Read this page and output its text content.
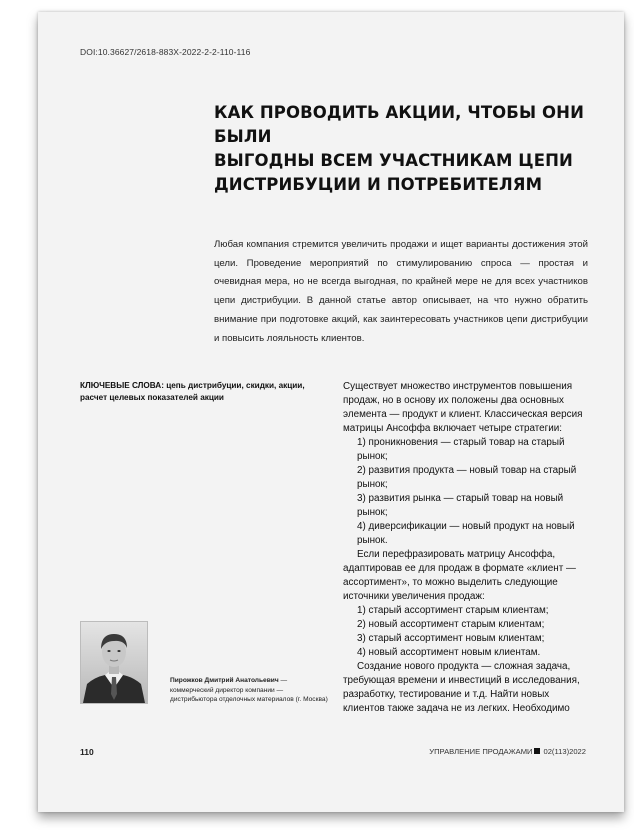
DOI:10.36627/2618-883X-2022-2-2-110-116
КАК ПРОВОДИТЬ АКЦИИ, ЧТОБЫ ОНИ БЫЛИ
ВЫГОДНЫ ВСЕМ УЧАСТНИКАМ ЦЕПИ
ДИСТРИБУЦИИ И ПОТРЕБИТЕЛЯМ
Любая компания стремится увеличить продажи и ищет варианты достижения этой цели. Проведение мероприятий по стимулированию спроса — простая и очевидная мера, но не всегда выгодная, по крайней мере не для всех участников цепи дистрибуции. В данной статье автор описывает, на что нужно обратить внимание при подготовке акций, как заинтересовать участников цепи дистрибуции и повысить лояльность клиентов.
КЛЮЧЕВЫЕ СЛОВА: цепь дистрибуции, скидки, акции, расчет целевых показателей акции

Существует множество инструментов повышения продаж, но в основу их положены два основных элемента — продукт и клиент. Классическая версия матрицы Ансоффа включает четыре стратегии:

1) проникновения — старый товар на старый рынок;

2) развития продукта — новый товар на старый рынок;

3) развития рынка — старый товар на новый рынок;

4) диверсификации — новый продукт на новый рынок.

Если перефразировать матрицу Ансоффа, адаптировав ее для продаж в формате «клиент — ассортимент», то можно выделить следующие источники увеличения продаж:

1) старый ассортимент старым клиентам;

2) новый ассортимент старым клиентам;

3) старый ассортимент новым клиентам;

4) новый ассортимент новым клиентам.

Создание нового продукта — сложная задача, требующая времени и инвестиций в исследования, разработку, тестирование и т.д. Найти новых клиентов также задача не из легких. Необходимо

Пирожков Дмитрий Анатольевич — коммерческий директор компании — дистрибьютора отделочных материалов (г. Москва)
110	УПРАВЛЕНИЕ ПРОДАЖАМИ 02(113)2022
